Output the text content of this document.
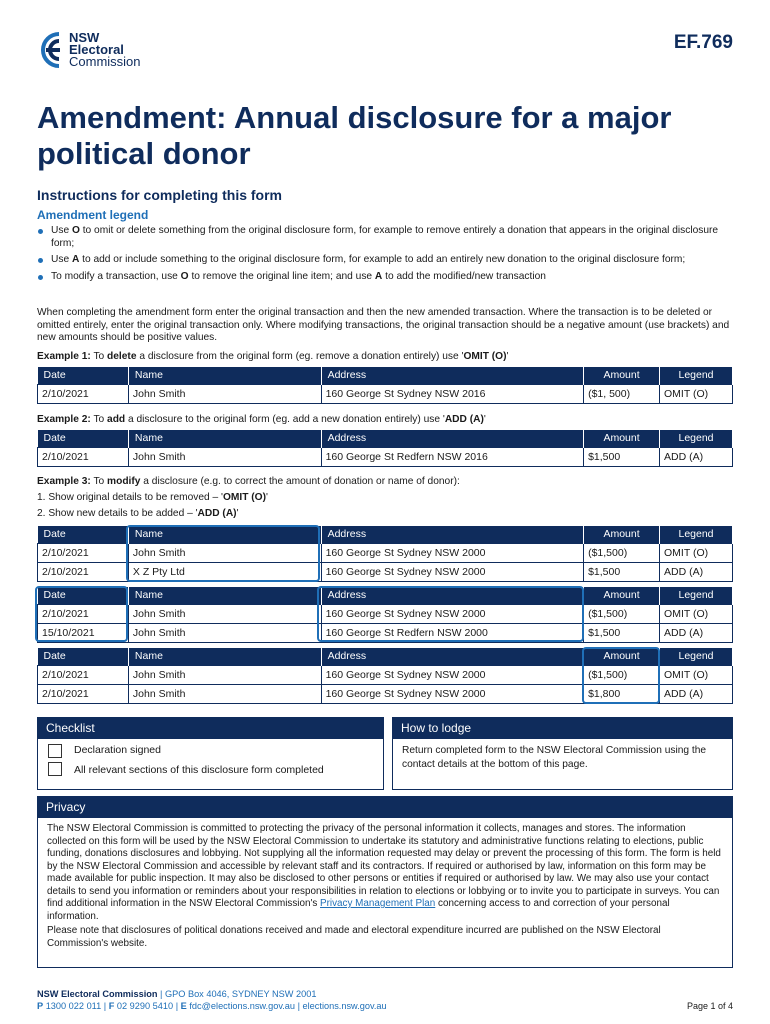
NSW
Electoral
Commission
EF.769
Amendment: Annual disclosure for a major political donor
Instructions for completing this form
Amendment legend
Use O to omit or delete something from the original disclosure form, for example to remove entirely a donation that appears in the original disclosure form;
Use A to add or include something to the original disclosure form, for example to add an entirely new donation to the original disclosure form;
To modify a transaction, use O to remove the original line item; and use A to add the modified/new transaction
When completing the amendment form enter the original transaction and then the new amended transaction. Where the transaction is to be deleted or omitted entirely, enter the original transaction only. Where modifying transactions, the original transaction should be a negative amount (use brackets) and new amounts should be positive values.
Example 1: To delete a disclosure from the original form (eg. remove a donation entirely) use 'OMIT (O)'
Date	Name	Address	Amount	Legend
2/10/2021	John Smith	160 George St Sydney NSW 2016	($1, 500)	OMIT (O)
Example 2: To add a disclosure to the original form (eg. add a new donation entirely) use 'ADD (A)'
Date	Name	Address	Amount	Legend
2/10/2021	John Smith	160 George St Redfern NSW 2016	$1,500	ADD (A)
Example 3: To modify a disclosure (e.g. to correct the amount of donation or name of donor):
1. Show original details to be removed – 'OMIT (O)'
2. Show new details to be added – 'ADD (A)'
Date	Name	Address	Amount	Legend
2/10/2021	John Smith	160 George St Sydney NSW 2000	($1,500)	OMIT (O)
2/10/2021	X Z Pty Ltd	160 George St Sydney NSW 2000	$1,500	ADD (A)
Date	Name	Address	Amount	Legend
2/10/2021	John Smith	160 George St Sydney NSW 2000	($1,500)	OMIT (O)
15/10/2021	John Smith	160 George St Redfern NSW 2000	$1,500	ADD (A)
Date	Name	Address	Amount	Legend
2/10/2021	John Smith	160 George St Sydney NSW 2000	($1,500)	OMIT (O)
2/10/2021	John Smith	160 George St Sydney NSW 2000	$1,800	ADD (A)
Checklist
Declaration signed
All relevant sections of this disclosure form completed
How to lodge
Return completed form to the NSW Electoral Commission using the contact details at the bottom of this page.
Privacy

The NSW Electoral Commission is committed to protecting the privacy of the personal information it collects, manages and stores. The information collected on this form will be used by the NSW Electoral Commission to undertake its statutory and administrative functions relating to elections, public funding, donations disclosures and lobbying. Not supplying all the information requested may delay or prevent the processing of this form. The form is held by the NSW Electoral Commission and accessible by relevant staff and its contractors. If required or authorised by law, information on this form may be made available for public inspection. It may also be disclosed to other persons or entities if required or authorised by law. We may also use your contact details to send you information or reminders about your responsibilities in relation to elections or lobbying or to invite you to participate in surveys. You can find additional information in the NSW Electoral Commission's Privacy Management Plan concerning access to and correction of your personal information.

Please note that disclosures of political donations received and made and electoral expenditure incurred are published on the NSW Electoral Commission's website.

NSW Electoral Commission | GPO Box 4046, SYDNEY NSW 2001
P 1300 022 011 | F 02 9290 5410 | E fdc@elections.nsw.gov.au | elections.nsw.gov.au	Page 1 of 4
